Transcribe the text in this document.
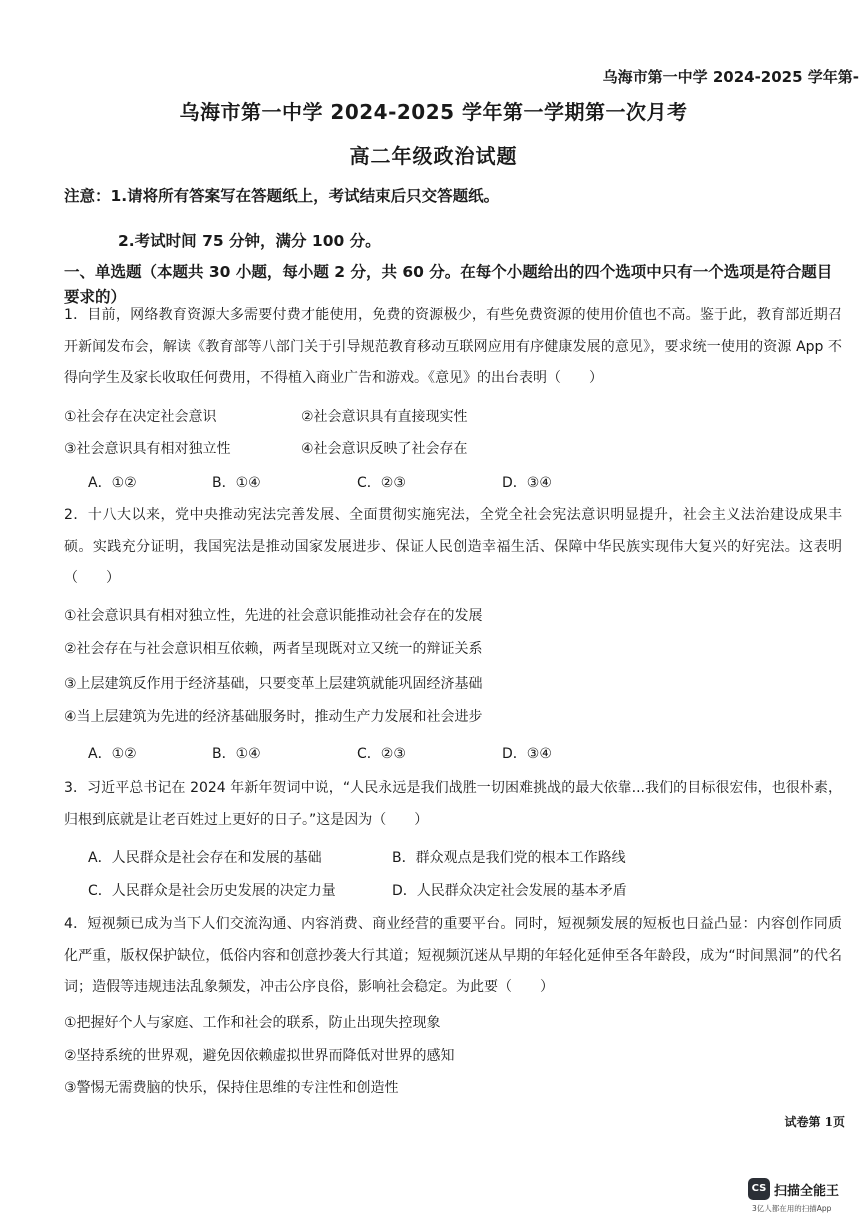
乌海市第一中学 2024-2025 学年第-
乌海市第一中学 2024-2025 学年第一学期第一次月考
高二年级政治试题
注意：1.请将所有答案写在答题纸上，考试结束后只交答题纸。
2.考试时间 75 分钟，满分 100 分。
一、单选题（本题共 30 小题，每小题 2 分，共 60 分。在每个小题给出的四个选项中只有一个选项是符合题目要求的）
1．目前，网络教育资源大多需要付费才能使用，免费的资源极少，有些免费资源的使用价值也不高。鉴于此，教育部近期召开新闻发布会，解读《教育部等八部门关于引导规范教育移动互联网应用有序健康发展的意见》，要求统一使用的资源 App 不得向学生及家长收取任何费用，不得植入商业广告和游戏。《意见》的出台表明（　　）
①社会存在决定社会意识	②社会意识具有直接现实性
③社会意识具有相对独立性	④社会意识反映了社会存在
A．①②	B．①④	C．②③	D．③④
2．十八大以来，党中央推动宪法完善发展、全面贯彻实施宪法，全党全社会宪法意识明显提升，社会主义法治建设成果丰硕。实践充分证明，我国宪法是推动国家发展进步、保证人民创造幸福生活、保障中华民族实现伟大复兴的好宪法。这表明（　　）
①社会意识具有相对独立性，先进的社会意识能推动社会存在的发展
②社会存在与社会意识相互依赖，两者呈现既对立又统一的辩证关系
③上层建筑反作用于经济基础，只要变革上层建筑就能巩固经济基础
④当上层建筑为先进的经济基础服务时，推动生产力发展和社会进步
A．①②	B．①④	C．②③	D．③④
3．习近平总书记在 2024 年新年贺词中说，“人民永远是我们战胜一切困难挑战的最大依靠...我们的目标很宏伟，也很朴素，归根到底就是让老百姓过上更好的日子。”这是因为（　　）
A．人民群众是社会存在和发展的基础	B．群众观点是我们党的根本工作路线
C．人民群众是社会历史发展的决定力量	D．人民群众决定社会发展的基本矛盾
4．短视频已成为当下人们交流沟通、内容消费、商业经营的重要平台。同时，短视频发展的短板也日益凸显：内容创作同质化严重，版权保护缺位，低俗内容和创意抄袭大行其道；短视频沉迷从早期的年轻化延伸至各年龄段，成为“时间黑洞”的代名词；造假等违规违法乱象频发，冲击公序良俗，影响社会稳定。为此要（　　）
①把握好个人与家庭、工作和社会的联系，防止出现失控现象
②坚持系统的世界观，避免因依赖虚拟世界而降低对世界的感知
③警惕无需费脑的快乐，保持住思维的专注性和创造性
试卷第 1页
CS 扫描全能王
3亿人都在用的扫描App
